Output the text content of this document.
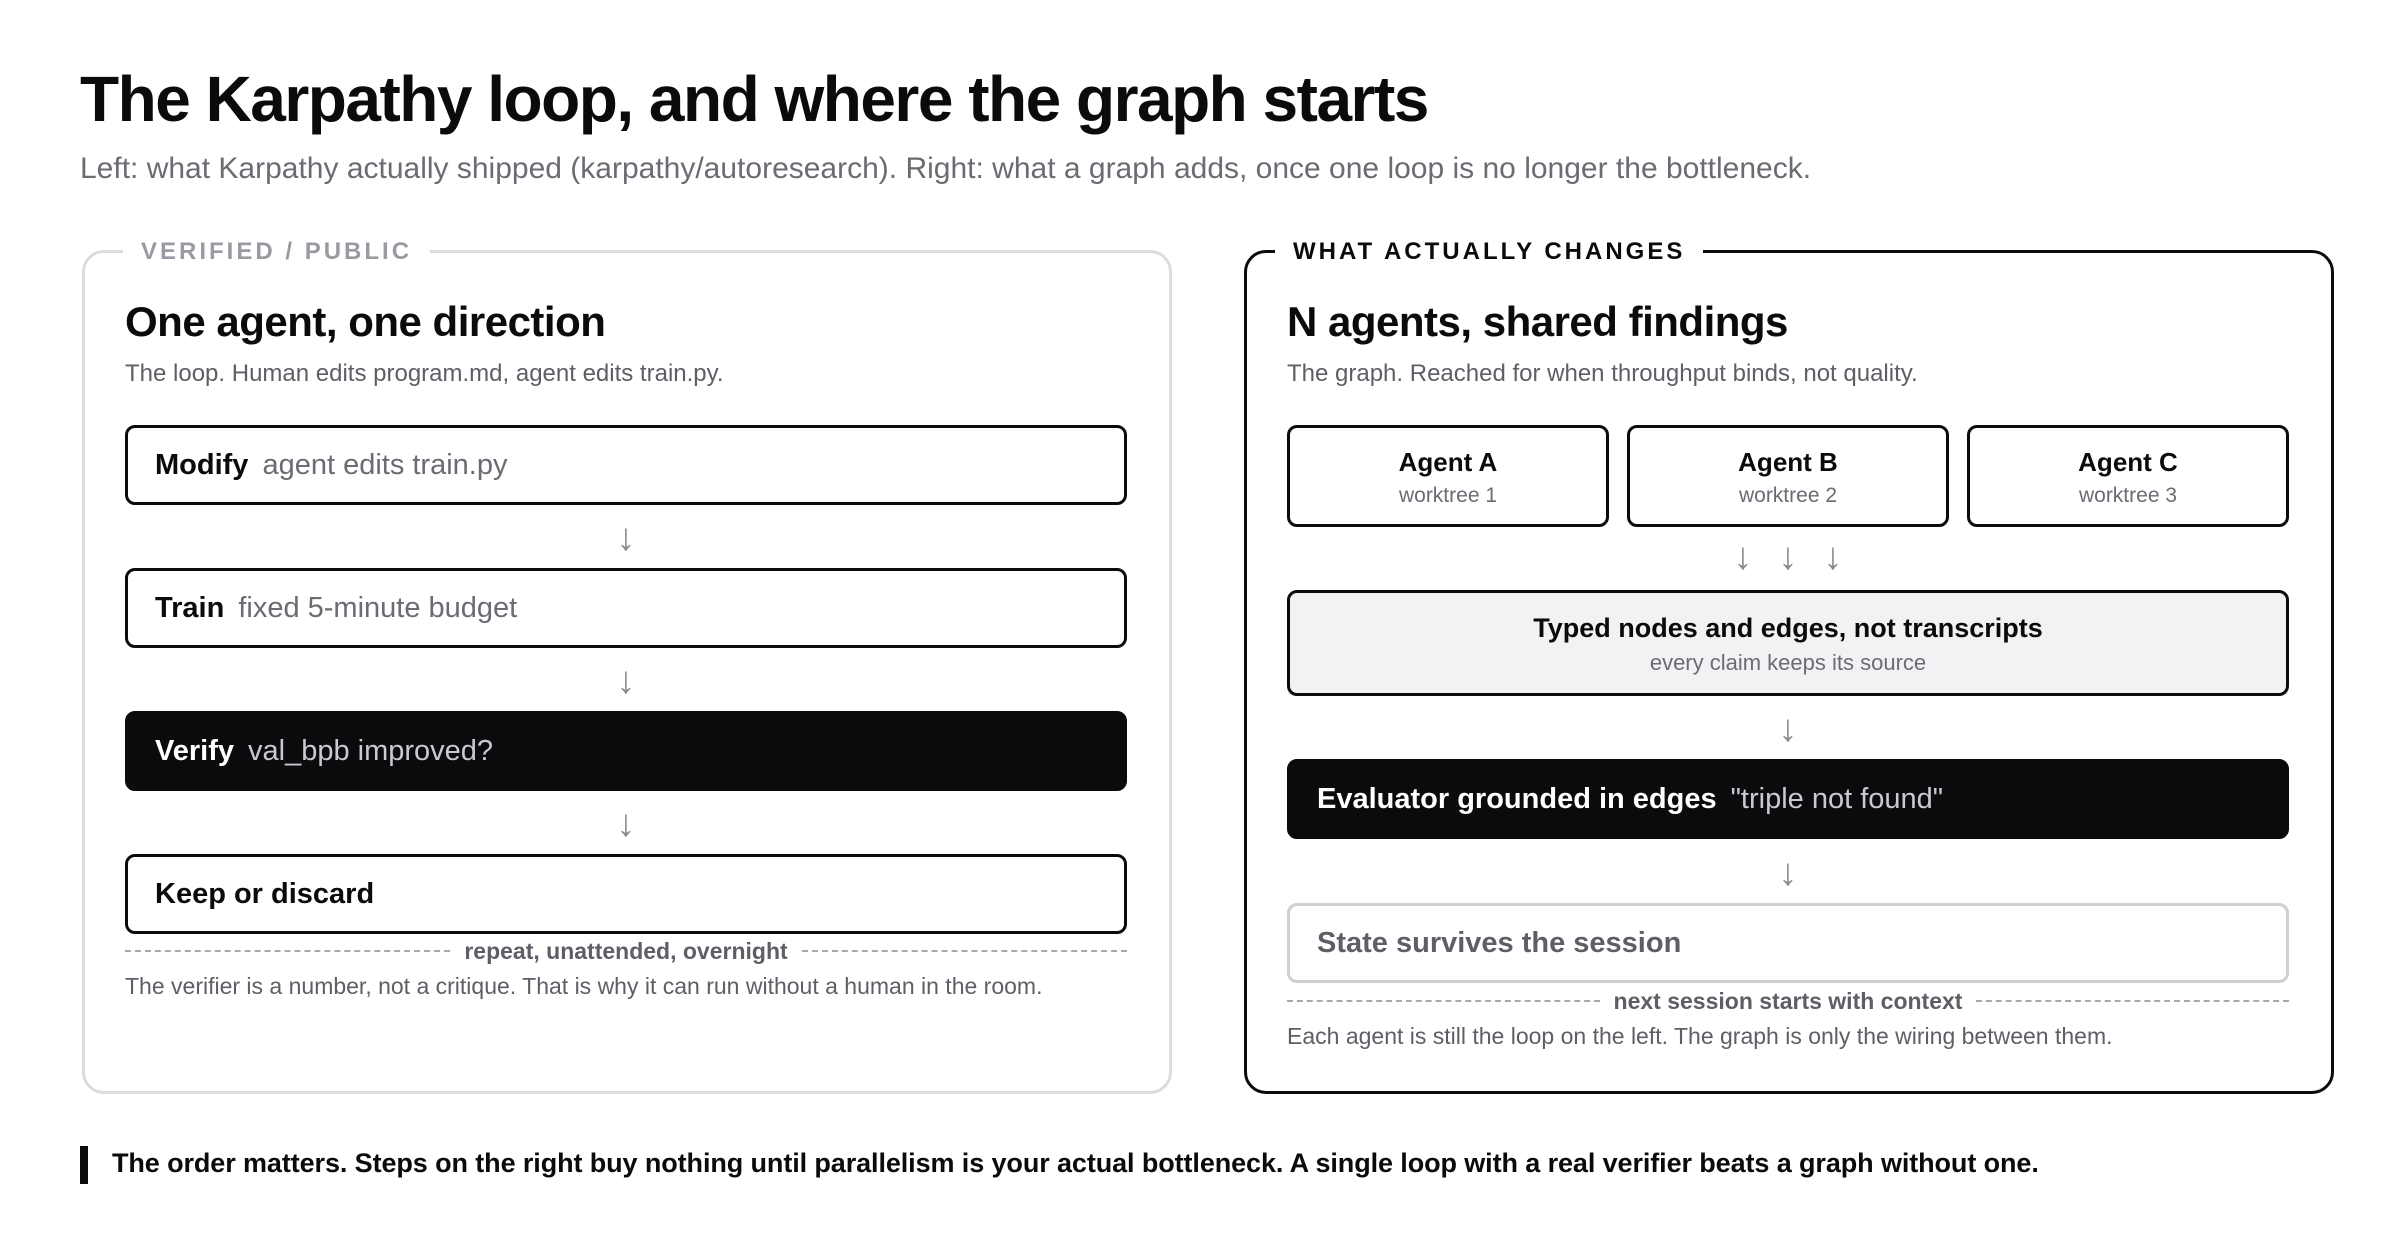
The Karpathy loop, and where the graph starts
Left: what Karpathy actually shipped (karpathy/autoresearch). Right: what a graph adds, once one loop is no longer the bottleneck.
VERIFIED / PUBLIC
One agent, one direction
The loop. Human edits program.md, agent edits train.py.
Modify agent edits train.py
↓
Train fixed 5-minute budget
↓
Verify val_bpb improved?
↓
Keep or discard
repeat, unattended, overnight
The verifier is a number, not a critique. That is why it can run without a human in the room.
WHAT ACTUALLY CHANGES
N agents, shared findings
The graph. Reached for when throughput binds, not quality.
Agent A
worktree 1
Agent B
worktree 2
Agent C
worktree 3
↓ ↓ ↓
Typed nodes and edges, not transcripts
every claim keeps its source
↓
Evaluator grounded in edges "triple not found"
↓
State survives the session
next session starts with context
Each agent is still the loop on the left. The graph is only the wiring between them.
The order matters. Steps on the right buy nothing until parallelism is your actual bottleneck. A single loop with a real verifier beats a graph without one.
